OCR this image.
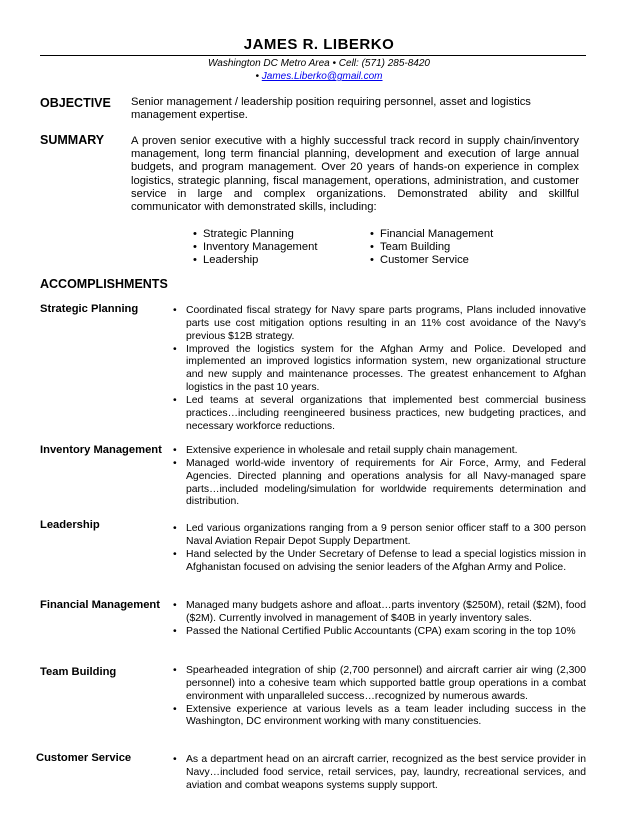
JAMES R. LIBERKO
Washington DC Metro Area • Cell: (571) 285-8420
• James.Liberko@gmail.com
OBJECTIVE Senior management / leadership position requiring personnel, asset and logistics management expertise.
SUMMARY A proven senior executive with a highly successful track record in supply chain/inventory management, long term financial planning, development and execution of large annual budgets, and program management. Over 20 years of hands-on experience in complex logistics, strategic planning, fiscal management, operations, administration, and customer service in large and complex organizations. Demonstrated ability and skillful communicator with demonstrated skills, including:
• Strategic Planning
• Inventory Management
• Leadership
• Financial Management
• Team Building
• Customer Service
ACCOMPLISHMENTS
Strategic Planning	• Coordinated fiscal strategy for Navy spare parts programs, Plans included innovative parts use cost mitigation options resulting in an 11% cost avoidance of the Navy’s previous $12B strategy.
• Improved the logistics system for the Afghan Army and Police. Developed and implemented an improved logistics information system, new organizational structure and new supply and maintenance processes. The greatest enhancement to Afghan logistics in the past 10 years.
• Led teams at several organizations that implemented best commercial business practices…including reengineered business practices, new budgeting practices, and necessary workforce reductions.
Inventory Management	• Extensive experience in wholesale and retail supply chain management.
• Managed world-wide inventory of requirements for Air Force, Army, and Federal Agencies. Directed planning and operations analysis for all Navy-managed spare parts…included modeling/simulation for worldwide requirements determination and distribution.
Leadership	• Led various organizations ranging from a 9 person senior officer staff to a 300 person Naval Aviation Repair Depot Supply Department.
• Hand selected by the Under Secretary of Defense to lead a special logistics mission in Afghanistan focused on advising the senior leaders of the Afghan Army and Police.
Financial Management	• Managed many budgets ashore and afloat…parts inventory ($250M), retail ($2M), food ($2M). Currently involved in management of $40B in yearly inventory sales.
• Passed the National Certified Public Accountants (CPA) exam scoring in the top 10%
Team Building	• Spearheaded integration of ship (2,700 personnel) and aircraft carrier air wing (2,300 personnel) into a cohesive team which supported battle group operations in a combat environment with unparalleled success…recognized by numerous awards.
• Extensive experience at various levels as a team leader including success in the Washington, DC environment working with many constituencies.
Customer Service	• As a department head on an aircraft carrier, recognized as the best service provider in Navy…included food service, retail services, pay, laundry, recreational services, and aviation and combat weapons systems supply support.
